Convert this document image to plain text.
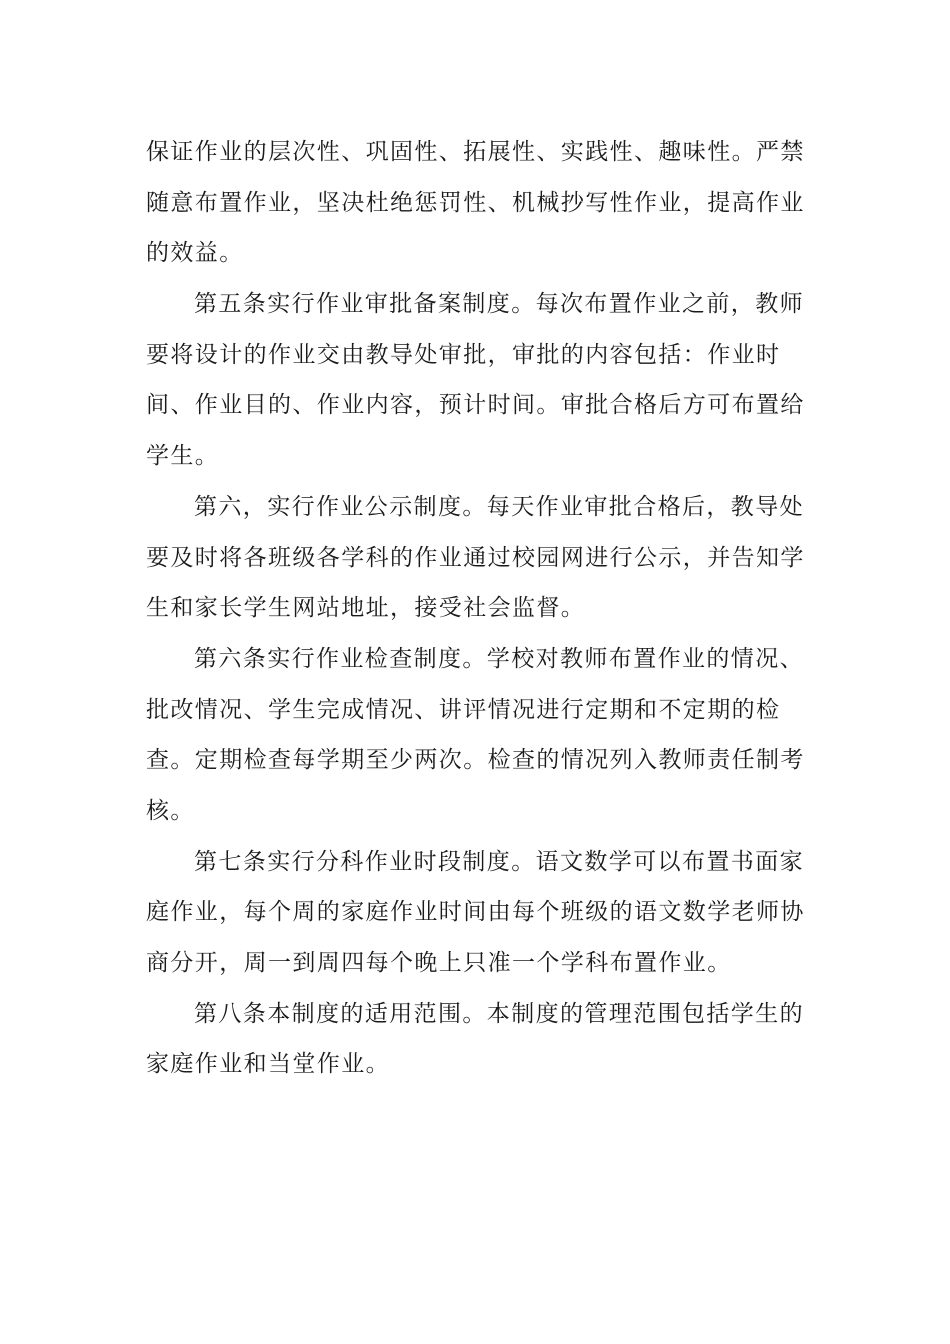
保证作业的层次性、巩固性、拓展性、实践性、趣味性。严禁
随意布置作业，坚决杜绝惩罚性、机械抄写性作业，提高作业
的效益。
第五条实行作业审批备案制度。每次布置作业之前，教师
要将设计的作业交由教导处审批，审批的内容包括：作业时
间、作业目的、作业内容，预计时间。审批合格后方可布置给
学生。
第六，实行作业公示制度。每天作业审批合格后，教导处
要及时将各班级各学科的作业通过校园网进行公示，并告知学
生和家长学生网站地址，接受社会监督。
第六条实行作业检查制度。学校对教师布置作业的情况、
批改情况、学生完成情况、讲评情况进行定期和不定期的检
查。定期检查每学期至少两次。检查的情况列入教师责任制考
核。
第七条实行分科作业时段制度。语文数学可以布置书面家
庭作业，每个周的家庭作业时间由每个班级的语文数学老师协
商分开，周一到周四每个晚上只准一个学科布置作业。
第八条本制度的适用范围。本制度的管理范围包括学生的
家庭作业和当堂作业。
